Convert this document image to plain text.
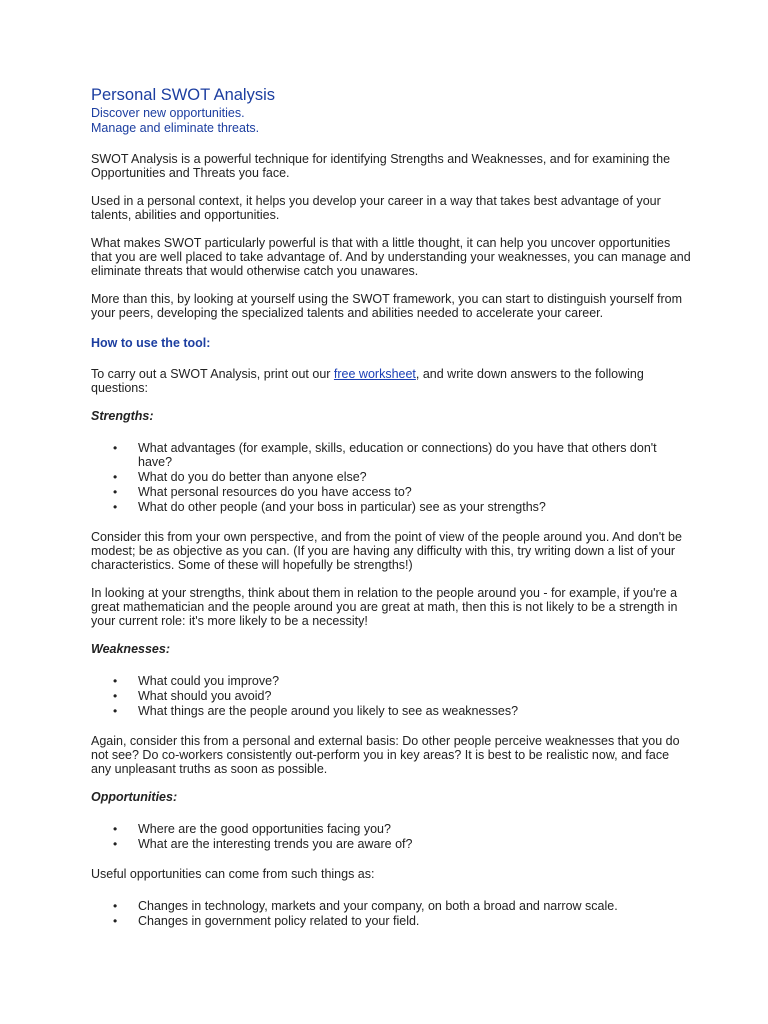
Personal SWOT Analysis

Discover new opportunities.

Manage and eliminate threats.

SWOT Analysis is a powerful technique for identifying Strengths and Weaknesses, and for examining the Opportunities and Threats you face.

Used in a personal context, it helps you develop your career in a way that takes best advantage of your talents, abilities and opportunities.

What makes SWOT particularly powerful is that with a little thought, it can help you uncover opportunities that you are well placed to take advantage of. And by understanding your weaknesses, you can manage and eliminate threats that would otherwise catch you unawares.

More than this, by looking at yourself using the SWOT framework, you can start to distinguish yourself from your peers, developing the specialized talents and abilities needed to accelerate your career.

How to use the tool:

To carry out a SWOT Analysis, print out our free worksheet, and write down answers to the following questions:

Strengths:

• What advantages (for example, skills, education or connections) do you have that others don't have?
• What do you do better than anyone else?
• What personal resources do you have access to?
• What do other people (and your boss in particular) see as your strengths?

Consider this from your own perspective, and from the point of view of the people around you. And don't be modest; be as objective as you can. (If you are having any difficulty with this, try writing down a list of your characteristics. Some of these will hopefully be strengths!)

In looking at your strengths, think about them in relation to the people around you - for example, if you're a great mathematician and the people around you are great at math, then this is not likely to be a strength in your current role: it's more likely to be a necessity!

Weaknesses:

• What could you improve?
• What should you avoid?
• What things are the people around you likely to see as weaknesses?

Again, consider this from a personal and external basis: Do other people perceive weaknesses that you do not see? Do co-workers consistently out-perform you in key areas? It is best to be realistic now, and face any unpleasant truths as soon as possible.

Opportunities:

• Where are the good opportunities facing you?
• What are the interesting trends you are aware of?

Useful opportunities can come from such things as:

• Changes in technology, markets and your company, on both a broad and narrow scale.
• Changes in government policy related to your field.
